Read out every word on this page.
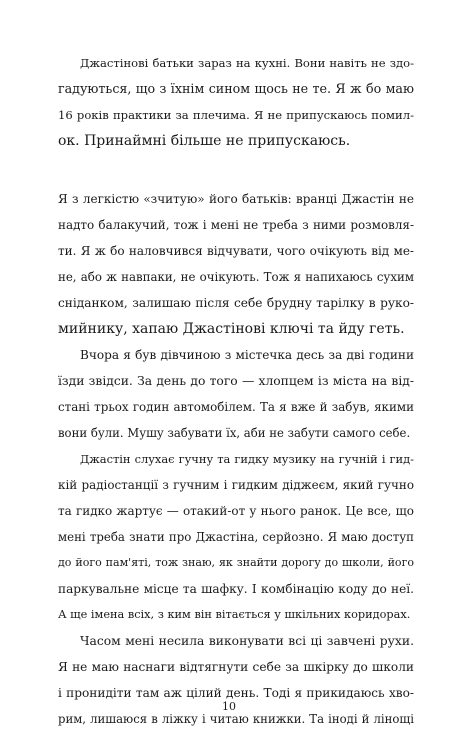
Джастінові батьки зараз на кухні. Вони навіть не здо-
гадуються, що з їхнім сином щось не те. Я ж бо маю
16 років практики за плечима. Я не припускаюсь помил-
ок. Принаймні більше не припускаюсь.
Я з легкістю «зчитую» його батьків: вранці Джастін не
надто балакучий, тож і мені не треба з ними розмовля-
ти. Я ж бо наловчився відчувати, чого очікують від ме-
не, або ж навпаки, не очікують. Тож я напихаюсь сухим
сніданком, залишаю після себе брудну тарілку в руко-
мийнику, хапаю Джастінові ключі та йду геть.
Вчора я був дівчиною з містечка десь за дві години
їзди звідси. За день до того — хлопцем із міста на від-
стані трьох годин автомобілем. Та я вже й забув, якими
вони були. Мушу забувати їх, аби не забути самого себе.
Джастін слухає гучну та гидку музику на гучній і гид-
кій радіостанції з гучним і гидким діджеєм, який гучно
та гидко жартує — отакий-от у нього ранок. Це все, що
мені треба знати про Джастіна, серйозно. Я маю доступ
до його пам'яті, тож знаю, як знайти дорогу до школи, його
паркувальне місце та шафку. І комбінацію коду до неї.
А ще імена всіх, з ким він вітається у шкільних коридорах.
Часом мені несила виконувати всі ці завчені рухи.
Я не маю наснаги відтягнути себе за шкірку до школи
і пронидіти там аж цілий день. Тоді я прикидаюсь хво-
рим, лишаюся в ліжку і читаю книжки. Та іноді й лінощі
10
